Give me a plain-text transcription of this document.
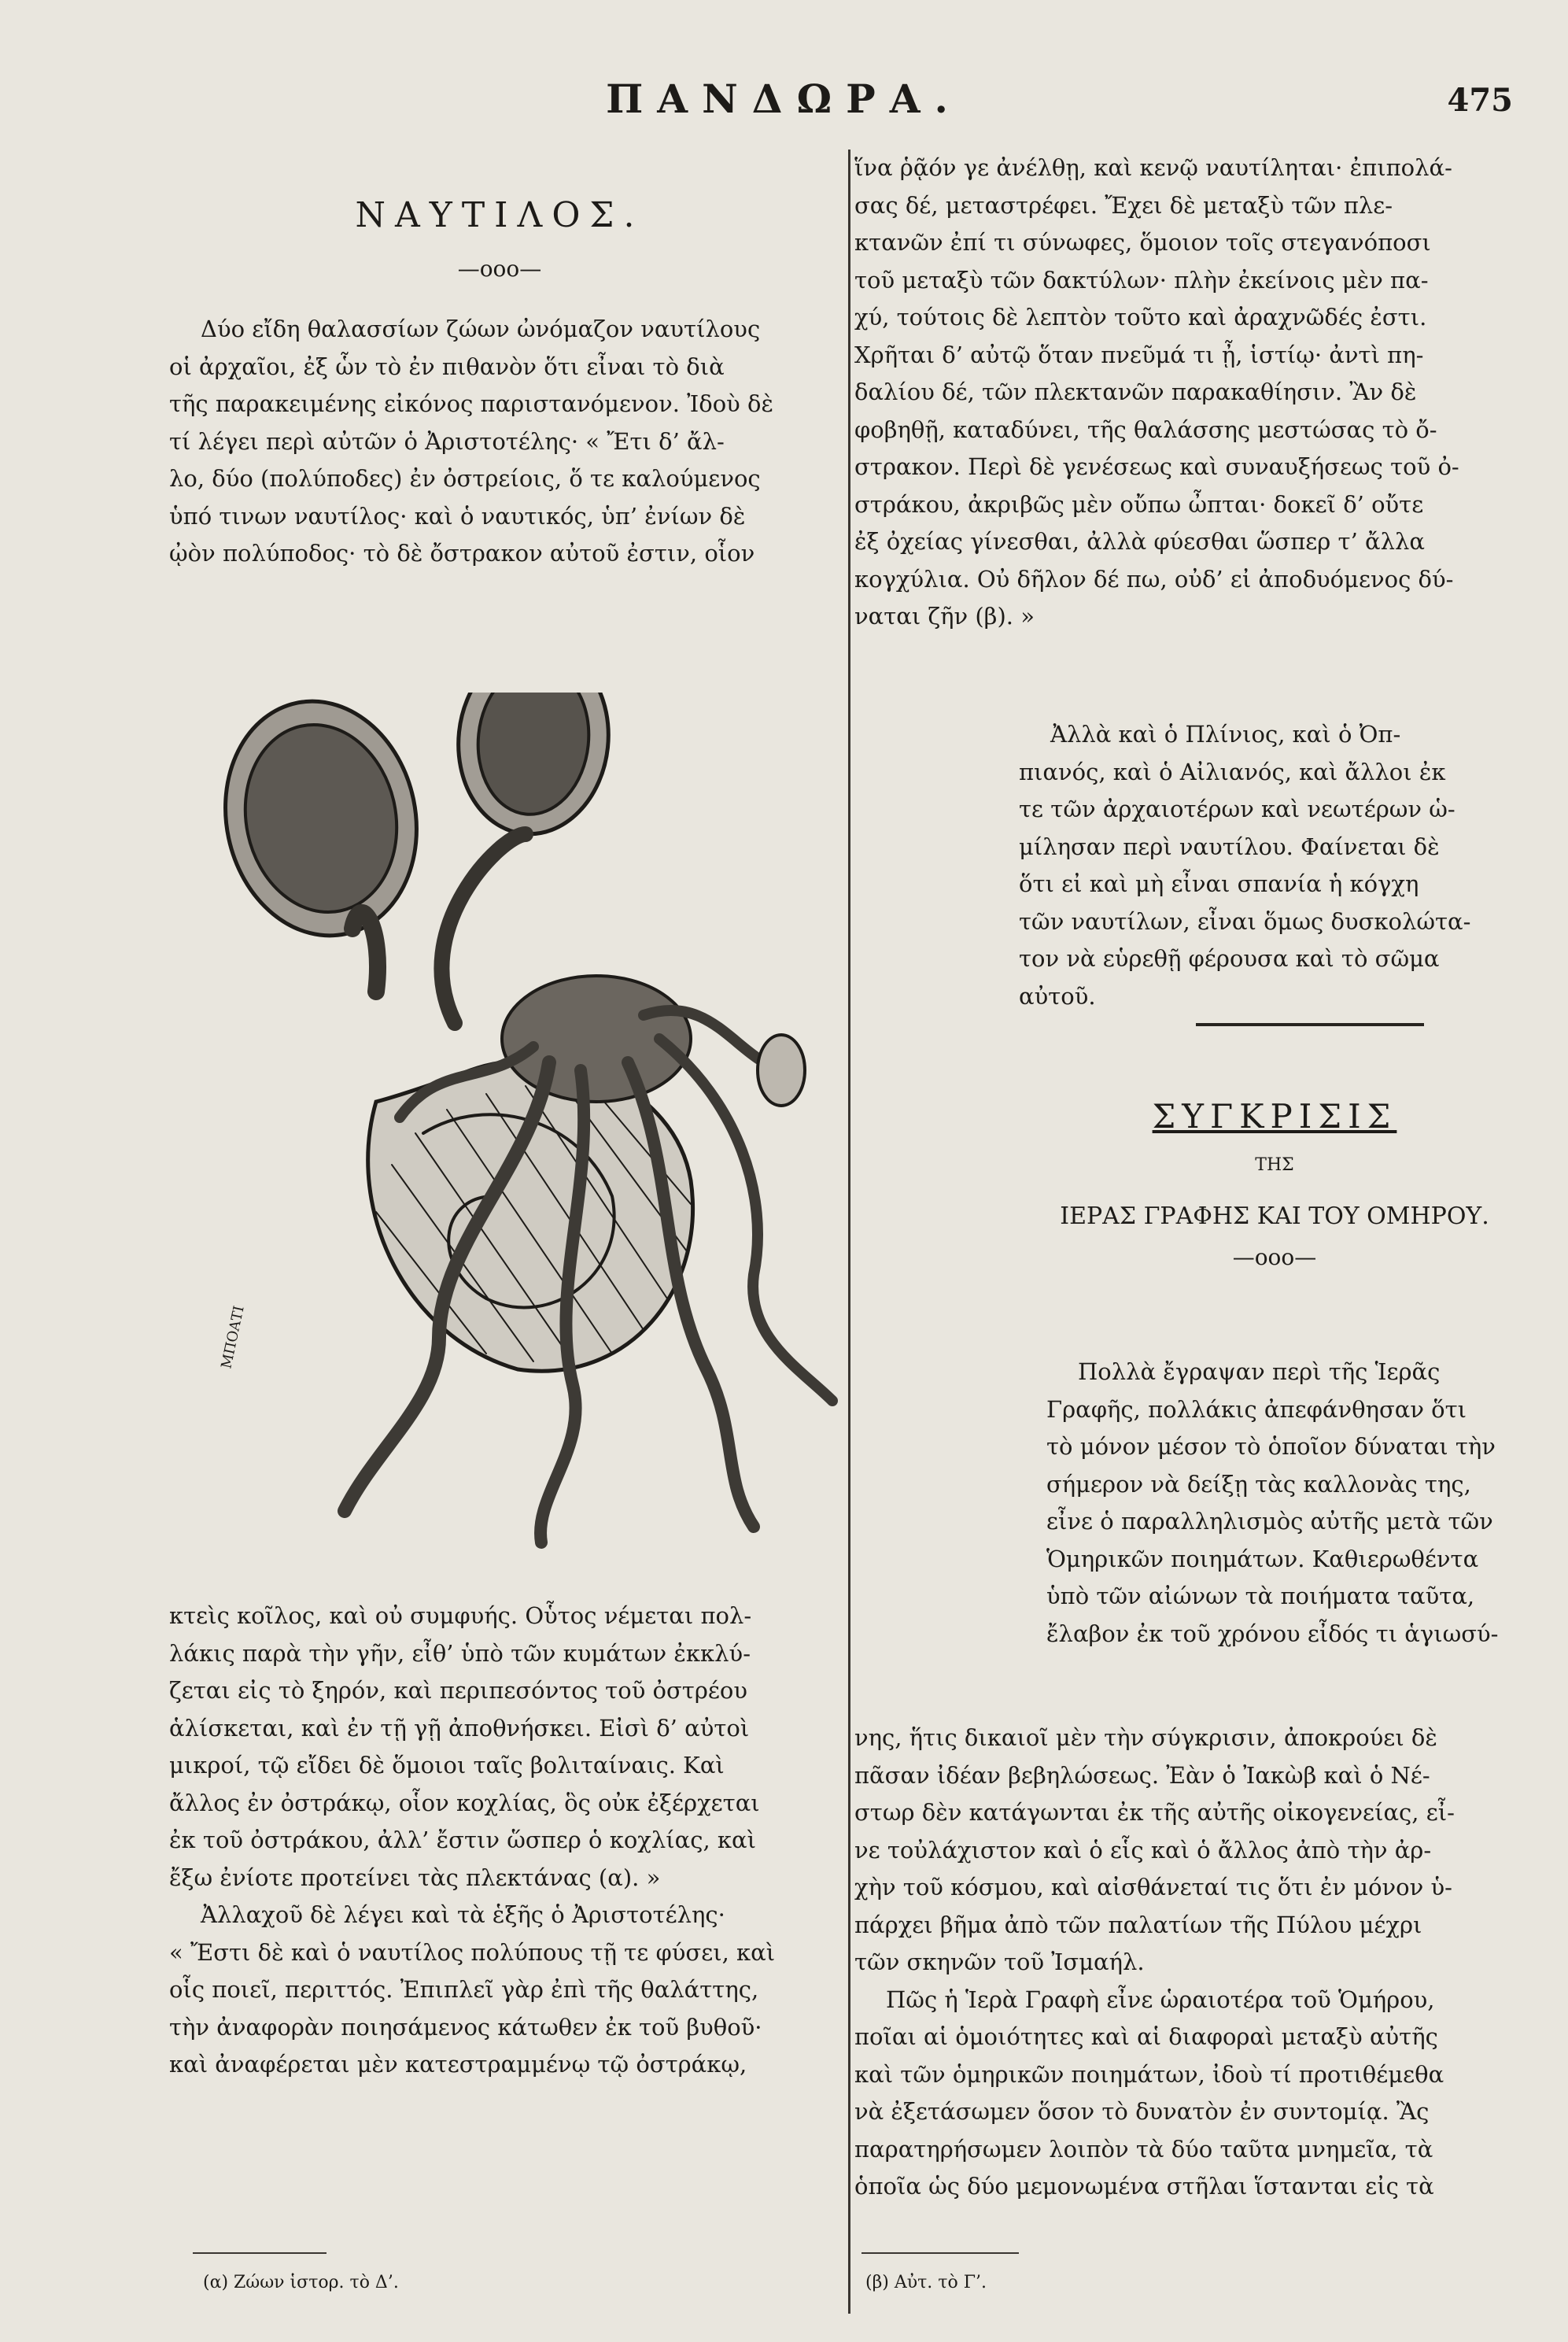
ΠΑΝΔΩΡΑ.	475
ΝΑΥΤΙΛΟΣ.
—οοο—

Δύο εἴδη θαλασσίων ζώων ὠνόμαζον ναυτίλους

οἱ ἀρχαῖοι, ἐξ ὧν τὸ ἐν πιθανὸν ὅτι εἶναι τὸ διὰ

τῆς παρακειμένης εἰκόνος παριστανόμενον. Ἰδοὺ δὲ

τί λέγει περὶ αὐτῶν ὁ Ἀριστοτέλης· « Ἔτι δ’ ἄλ-

λο, δύο (πολύποδες) ἐν ὀστρείοις, ὅ τε καλούμενος

ὑπό τινων ναυτίλος· καὶ ὁ ναυτικός, ὑπ’ ἐνίων δὲ

ᾠὸν πολύποδος· τὸ δὲ ὄστρακον αὐτοῦ ἐστιν, οἷον

ΜΠΟΑΤΙ

κτεὶς κοῖλος, καὶ οὐ συμφυής. Οὗτος νέμεται πολ-

λάκις παρὰ τὴν γῆν, εἶθ’ ὑπὸ τῶν κυμάτων ἐκκλύ-

ζεται εἰς τὸ ξηρόν, καὶ περιπεσόντος τοῦ ὀστρέου

ἁλίσκεται, καὶ ἐν τῇ γῇ ἀποθνήσκει. Εἰσὶ δ’ αὐτοὶ

μικροί, τῷ εἴδει δὲ ὅμοιοι ταῖς βολιταίναις. Καὶ

ἄλλος ἐν ὀστράκῳ, οἷον κοχλίας, ὃς οὐκ ἐξέρχεται

ἐκ τοῦ ὀστράκου, ἀλλ’ ἔστιν ὥσπερ ὁ κοχλίας, καὶ

ἔξω ἐνίοτε προτείνει τὰς πλεκτάνας (α). »

Ἀλλαχοῦ δὲ λέγει καὶ τὰ ἑξῆς ὁ Ἀριστοτέλης·

« Ἔστι δὲ καὶ ὁ ναυτίλος πολύπους τῇ τε φύσει, καὶ

οἷς ποιεῖ, περιττός. Ἐπιπλεῖ γὰρ ἐπὶ τῆς θαλάττης,

τὴν ἀναφορὰν ποιησάμενος κάτωθεν ἐκ τοῦ βυθοῦ·

καὶ ἀναφέρεται μὲν κατεστραμμένῳ τῷ ὀστράκῳ,

(α) Ζώων ἱστορ. τὸ Δ’.

ἵνα ῥᾷόν γε ἀνέλθῃ, καὶ κενῷ ναυτίληται· ἐπιπολά-

σας δέ, μεταστρέφει. Ἔχει δὲ μεταξὺ τῶν πλε-

κτανῶν ἐπί τι σύνωφες, ὅμοιον τοῖς στεγανόποσι

τοῦ μεταξὺ τῶν δακτύλων· πλὴν ἐκείνοις μὲν πα-

χύ, τούτοις δὲ λεπτὸν τοῦτο καὶ ἀραχνῶδές ἐστι.

Χρῆται δ’ αὐτῷ ὅταν πνεῦμά τι ᾖ, ἱστίῳ· ἀντὶ πη-

δαλίου δέ, τῶν πλεκτανῶν παρακαθίησιν. Ἂν δὲ

φοβηθῇ, καταδύνει, τῆς θαλάσσης μεστώσας τὸ ὄ-

στρακον. Περὶ δὲ γενέσεως καὶ συναυξήσεως τοῦ ὀ-

στράκου, ἀκριβῶς μὲν οὔπω ὦπται· δοκεῖ δ’ οὔτε

ἐξ ὀχείας γίνεσθαι, ἀλλὰ φύεσθαι ὥσπερ τ’ ἄλλα

κογχύλια. Οὐ δῆλον δέ πω, οὐδ’ εἰ ἀποδυόμενος δύ-

ναται ζῆν (β). »

Ἀλλὰ καὶ ὁ Πλίνιος, καὶ ὁ Ὀπ-

πιανός, καὶ ὁ Αἰλιανός, καὶ ἄλλοι ἐκ

τε τῶν ἀρχαιοτέρων καὶ νεωτέρων ὡ-

μίλησαν περὶ ναυτίλου. Φαίνεται δὲ

ὅτι εἰ καὶ μὴ εἶναι σπανία ἡ κόγχη

τῶν ναυτίλων, εἶναι ὅμως δυσκολώτα-

τον νὰ εὑρεθῇ φέρουσα καὶ τὸ σῶμα

αὐτοῦ.

ΣΥΓΚΡΙΣΙΣ
ΤΗΣ
ΙΕΡΑΣ ΓΡΑΦΗΣ ΚΑΙ ΤΟΥ ΟΜΗΡΟΥ.
—οοο—

Πολλὰ ἔγραψαν περὶ τῆς Ἱερᾶς

Γραφῆς, πολλάκις ἀπεφάνθησαν ὅτι

τὸ μόνον μέσον τὸ ὁποῖον δύναται τὴν

σήμερον νὰ δείξῃ τὰς καλλονὰς της,

εἶνε ὁ παραλληλισμὸς αὐτῆς μετὰ τῶν

Ὁμηρικῶν ποιημάτων. Καθιερωθέντα

ὑπὸ τῶν αἰώνων τὰ ποιήματα ταῦτα,

ἔλαβον ἐκ τοῦ χρόνου εἶδός τι ἁγιωσύ-

νης, ἥτις δικαιοῖ μὲν τὴν σύγκρισιν, ἀποκρούει δὲ

πᾶσαν ἰδέαν βεβηλώσεως. Ἐὰν ὁ Ἰακὼβ καὶ ὁ Νέ-

στωρ δὲν κατάγωνται ἐκ τῆς αὐτῆς οἰκογενείας, εἶ-

νε τοὐλάχιστον καὶ ὁ εἷς καὶ ὁ ἄλλος ἀπὸ τὴν ἀρ-

χὴν τοῦ κόσμου, καὶ αἰσθάνεταί τις ὅτι ἐν μόνον ὑ-

πάρχει βῆμα ἀπὸ τῶν παλατίων τῆς Πύλου μέχρι

τῶν σκηνῶν τοῦ Ἰσμαήλ.

Πῶς ἡ Ἱερὰ Γραφὴ εἶνε ὡραιοτέρα τοῦ Ὁμήρου,

ποῖαι αἱ ὁμοιότητες καὶ αἱ διαφοραὶ μεταξὺ αὐτῆς

καὶ τῶν ὁμηρικῶν ποιημάτων, ἰδοὺ τί προτιθέμεθα

νὰ ἐξετάσωμεν ὅσον τὸ δυνατὸν ἐν συντομίᾳ. Ἂς

παρατηρήσωμεν λοιπὸν τὰ δύο ταῦτα μνημεῖα, τὰ

ὁποῖα ὡς δύο μεμονωμένα στῆλαι ἵστανται εἰς τὰ

(β) Αὐτ. τὸ Γ’.
